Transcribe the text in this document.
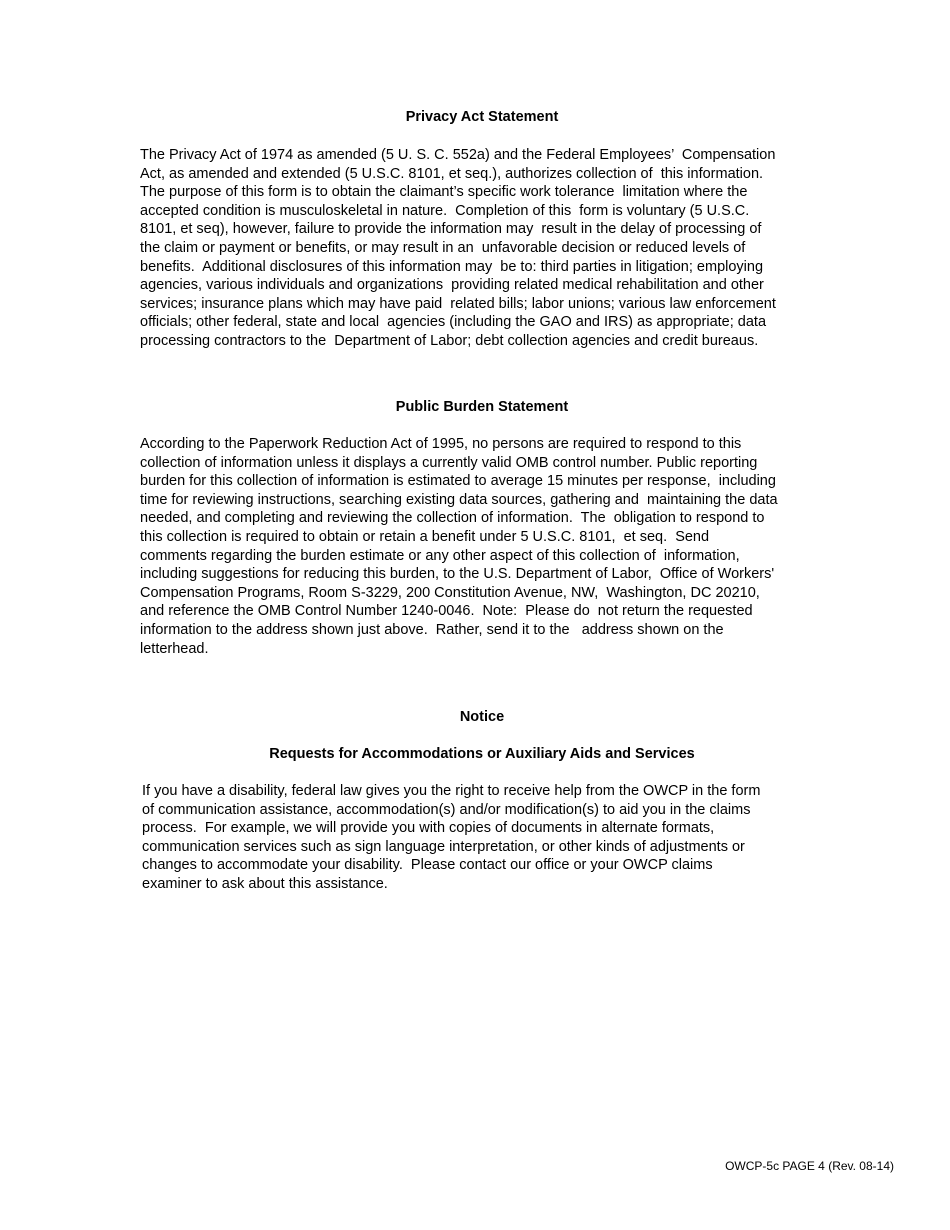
Privacy Act Statement

The Privacy Act of 1974 as amended (5 U. S. C. 552a) and the Federal Employees’  Compensation
Act, as amended and extended (5 U.S.C. 8101, et seq.), authorizes collection of  this information.
The purpose of this form is to obtain the claimant’s specific work tolerance  limitation where the
accepted condition is musculoskeletal in nature.  Completion of this  form is voluntary (5 U.S.C.
8101, et seq), however, failure to provide the information may  result in the delay of processing of
the claim or payment or benefits, or may result in an  unfavorable decision or reduced levels of
benefits.  Additional disclosures of this information may  be to: third parties in litigation; employing
agencies, various individuals and organizations  providing related medical rehabilitation and other
services; insurance plans which may have paid  related bills; labor unions; various law enforcement
officials; other federal, state and local  agencies (including the GAO and IRS) as appropriate; data
processing contractors to the  Department of Labor; debt collection agencies and credit bureaus.

Public Burden Statement

According to the Paperwork Reduction Act of 1995, no persons are required to respond to this
collection of information unless it displays a currently valid OMB control number. Public reporting
burden for this collection of information is estimated to average 15 minutes per response,  including
time for reviewing instructions, searching existing data sources, gathering and  maintaining the data
needed, and completing and reviewing the collection of information.  The  obligation to respond to
this collection is required to obtain or retain a benefit under 5 U.S.C. 8101,  et seq.  Send
comments regarding the burden estimate or any other aspect of this collection of  information,
including suggestions for reducing this burden, to the U.S. Department of Labor,  Office of Workers'
Compensation Programs, Room S-3229, 200 Constitution Avenue, NW,  Washington, DC 20210,
and reference the OMB Control Number 1240-0046.  Note:  Please do  not return the requested
information to the address shown just above.  Rather, send it to the   address shown on the
letterhead.

Notice
Requests for Accommodations or Auxiliary Aids and Services

If you have a disability, federal law gives you the right to receive help from the OWCP in the form
of communication assistance, accommodation(s) and/or modification(s) to aid you in the claims
process.  For example, we will provide you with copies of documents in alternate formats,
communication services such as sign language interpretation, or other kinds of adjustments or
changes to accommodate your disability.  Please contact our office or your OWCP claims
examiner to ask about this assistance.

OWCP-5c PAGE 4 (Rev. 08-14)
